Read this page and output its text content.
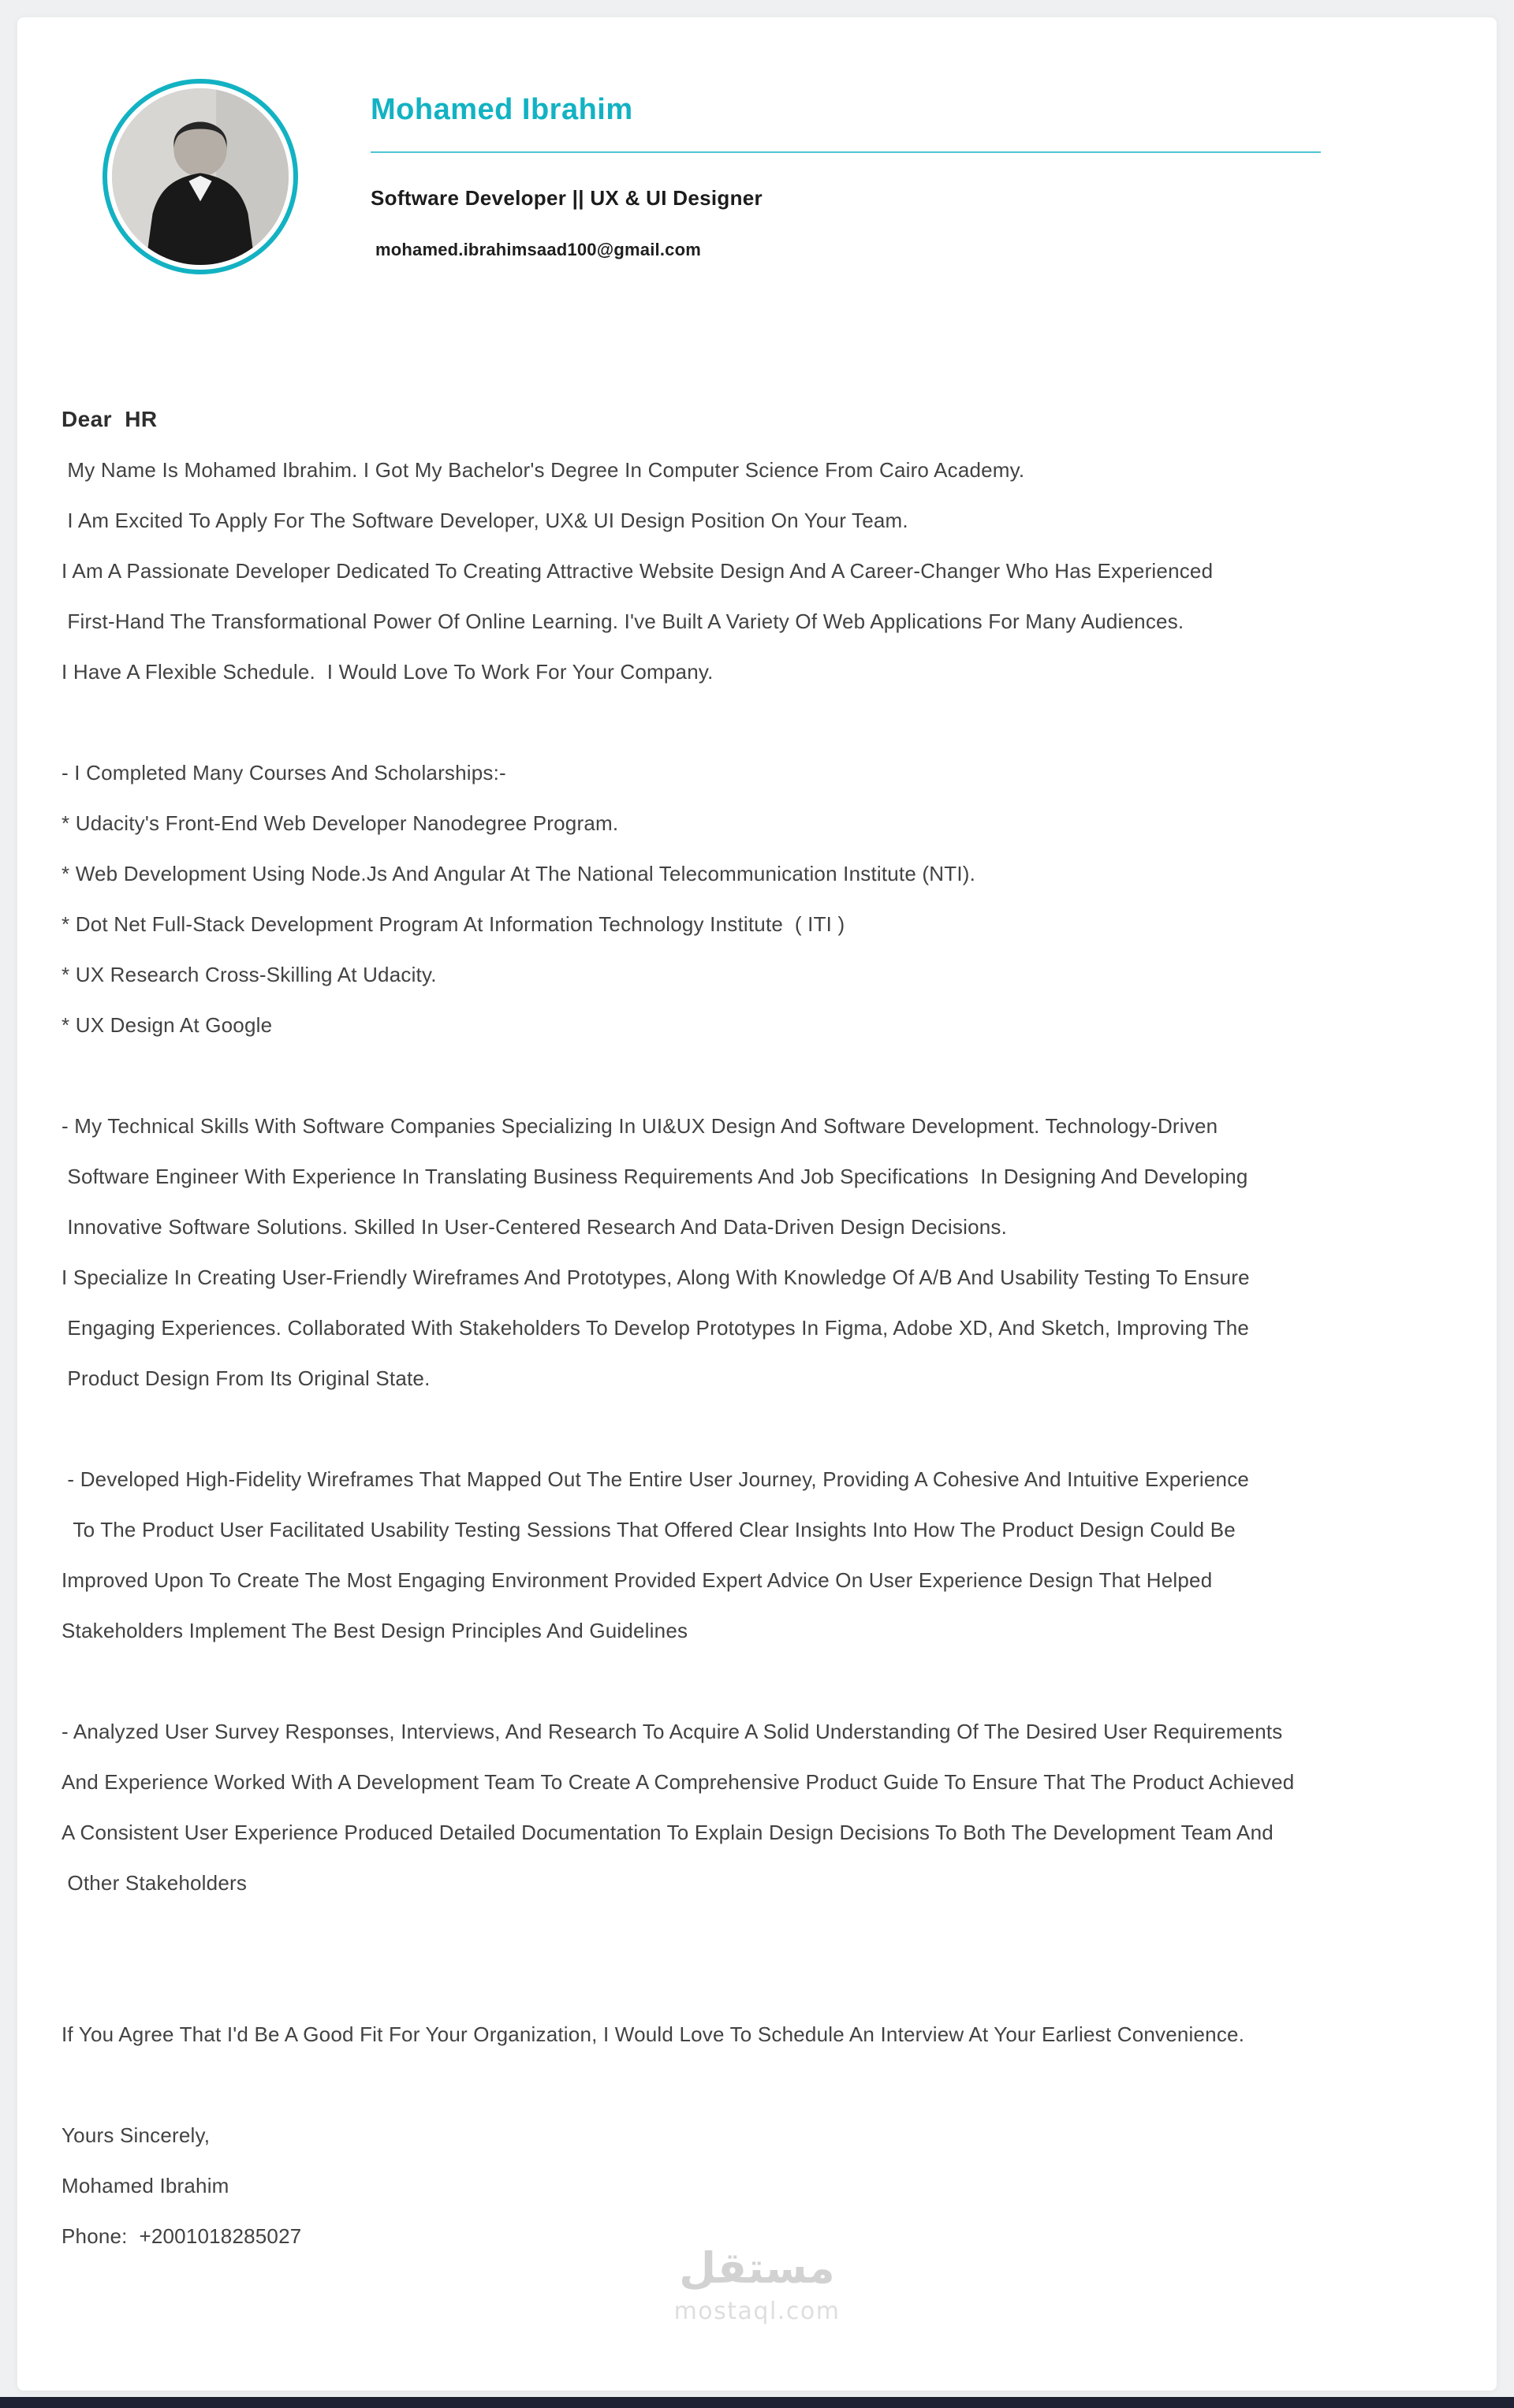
Mohamed Ibrahim
Software Developer || UX & UI Designer
mohamed.ibrahimsaad100@gmail.com
Dear  HR
My Name Is Mohamed Ibrahim. I Got My Bachelor's Degree In Computer Science From Cairo Academy.
I Am Excited To Apply For The Software Developer, UX& UI Design Position On Your Team.
I Am A Passionate Developer Dedicated To Creating Attractive Website Design And A Career-Changer Who Has Experienced
First-Hand The Transformational Power Of Online Learning. I've Built A Variety Of Web Applications For Many Audiences.
I Have A Flexible Schedule.  I Would Love To Work For Your Company.
- I Completed Many Courses And Scholarships:-
* Udacity's Front-End Web Developer Nanodegree Program.
* Web Development Using Node.Js And Angular At The National Telecommunication Institute (NTI).
* Dot Net Full-Stack Development Program At Information Technology Institute  ( ITI )
* UX Research Cross-Skilling At Udacity.
* UX Design At Google
- My Technical Skills With Software Companies Specializing In UI&UX Design And Software Development. Technology-Driven
Software Engineer With Experience In Translating Business Requirements And Job Specifications  In Designing And Developing
Innovative Software Solutions. Skilled In User-Centered Research And Data-Driven Design Decisions.
I Specialize In Creating User-Friendly Wireframes And Prototypes, Along With Knowledge Of A/B And Usability Testing To Ensure
Engaging Experiences. Collaborated With Stakeholders To Develop Prototypes In Figma, Adobe XD, And Sketch, Improving The
Product Design From Its Original State.
- Developed High-Fidelity Wireframes That Mapped Out The Entire User Journey, Providing A Cohesive And Intuitive Experience
To The Product User Facilitated Usability Testing Sessions That Offered Clear Insights Into How The Product Design Could Be
Improved Upon To Create The Most Engaging Environment Provided Expert Advice On User Experience Design That Helped
Stakeholders Implement The Best Design Principles And Guidelines
- Analyzed User Survey Responses, Interviews, And Research To Acquire A Solid Understanding Of The Desired User Requirements
And Experience Worked With A Development Team To Create A Comprehensive Product Guide To Ensure That The Product Achieved
A Consistent User Experience Produced Detailed Documentation To Explain Design Decisions To Both The Development Team And
Other Stakeholders
If You Agree That I'd Be A Good Fit For Your Organization, I Would Love To Schedule An Interview At Your Earliest Convenience.
Yours Sincerely,
Mohamed Ibrahim
Phone:  +2001018285027
مستقل
mostaql.com
